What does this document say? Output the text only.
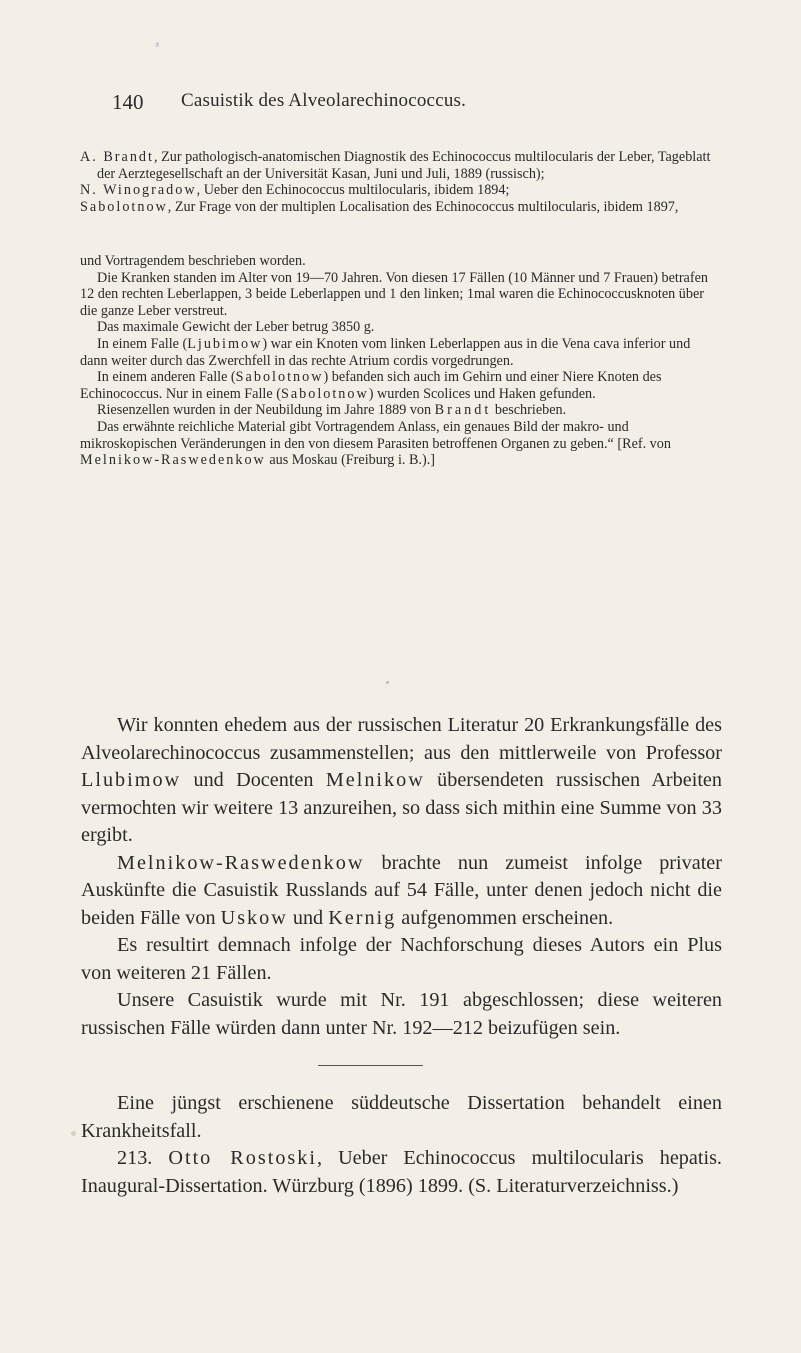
140 Casuistik des Alveolarechinococcus.

A. Brandt, Zur pathologisch-anatomischen Diagnostik des Echinococcus multilocularis der Leber, Tageblatt der Aerztegesellschaft an der Universität Kasan, Juni und Juli, 1889 (russisch);

N. Winogradow, Ueber den Echinococcus multilocularis, ibidem 1894;

Sabolotnow, Zur Frage von der multiplen Localisation des Echinococcus multilocularis, ibidem 1897,

und Vortragendem beschrieben worden.

Die Kranken standen im Alter von 19—70 Jahren. Von diesen 17 Fällen (10 Männer und 7 Frauen) betrafen 12 den rechten Leberlappen, 3 beide Leberlappen und 1 den linken; 1mal waren die Echinococcusknoten über die ganze Leber verstreut.

Das maximale Gewicht der Leber betrug 3850 g.

In einem Falle (Ljubimow) war ein Knoten vom linken Leberlappen aus in die Vena cava inferior und dann weiter durch das Zwerchfell in das rechte Atrium cordis vorgedrungen.

In einem anderen Falle (Sabolotnow) befanden sich auch im Gehirn und einer Niere Knoten des Echinococcus. Nur in einem Falle (Sabolotnow) wurden Scolices und Haken gefunden.

Riesenzellen wurden in der Neubildung im Jahre 1889 von Brandt beschrieben.

Das erwähnte reichliche Material gibt Vortragendem Anlass, ein genaues Bild der makro- und mikroskopischen Veränderungen in den von diesem Parasiten betroffenen Organen zu geben.“ [Ref. von Melnikow-Raswedenkow aus Moskau (Freiburg i. B.).]

Wir konnten ehedem aus der russischen Literatur 20 Erkrankungsfälle des Alveolarechinococcus zusammenstellen; aus den mittlerweile von Professor Llubimow und Docenten Melnikow übersendeten russischen Arbeiten vermochten wir weitere 13 anzureihen, so dass sich mithin eine Summe von 33 ergibt.

Melnikow-Raswedenkow brachte nun zumeist infolge privater Auskünfte die Casuistik Russlands auf 54 Fälle, unter denen jedoch nicht die beiden Fälle von Uskow und Kernig aufgenommen erscheinen.

Es resultirt demnach infolge der Nachforschung dieses Autors ein Plus von weiteren 21 Fällen.

Unsere Casuistik wurde mit Nr. 191 abgeschlossen; diese weiteren russischen Fälle würden dann unter Nr. 192—212 beizufügen sein.

Eine jüngst erschienene süddeutsche Dissertation behandelt einen Krankheitsfall.

213. Otto Rostoski, Ueber Echinococcus multilocularis hepatis. Inaugural-Dissertation. Würzburg (1896) 1899. (S. Literaturverzeichniss.)
